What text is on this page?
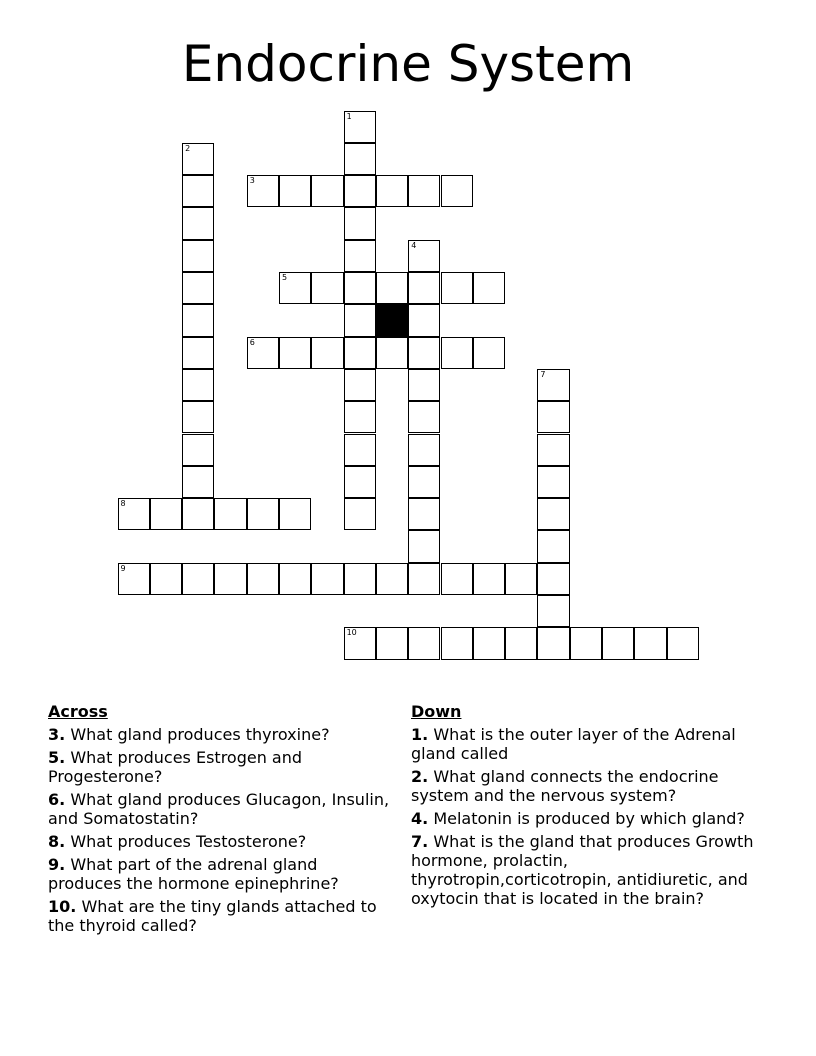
Endocrine System
1
2
3
4
5
6
7
8
9
10
Across
3. What gland produces thyroxine?
5. What produces Estrogen and Progesterone?
6. What gland produces Glucagon, Insulin, and Somatostatin?
8. What produces Testosterone?
9. What part of the adrenal gland produces the hormone epinephrine?
10. What are the tiny glands attached to the thyroid called?
Down
1. What is the outer layer of the Adrenal gland called
2. What gland connects the endocrine system and the nervous system?
4. Melatonin is produced by which gland?
7. What is the gland that produces Growth hormone, prolactin, thyrotropin,corticotropin, antidiuretic, and oxytocin that is located in the brain?
